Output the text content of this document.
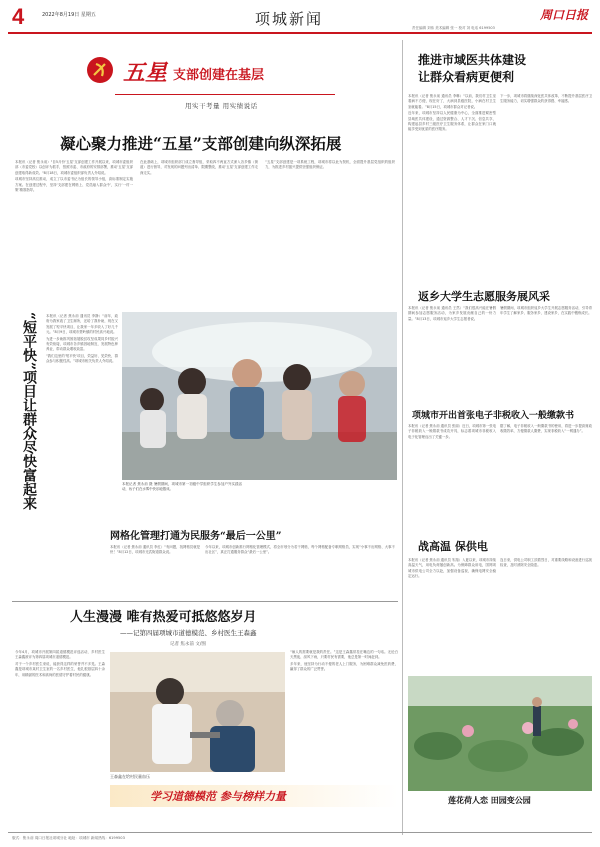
4	2022年8月19日 星期五	项城新闻	周口日报
责任编辑 刘伟 美术编辑 张一 校对 刘 电话 6199503
五星 支部创建在基层
用实干考量 用实绩说话
凝心聚力推进“五星”支部创建向纵深拓展

本报讯（记者 焦永前）"自5月份‘五星’支部创建工作开展以来，项城市委组织部（市委党校）以创评为抓手，按照市委、市政府的安排部署，推动‘五星’支部创建取得新成效。"8月18日，项城市委组织部负责人介绍说。

项城市坚持高位推动，成立了以市委书记为组长的领导小组，高标准制定实施方案。在创建过程中，坚持‘支部建在网格上、党员融入群众中’，实行‘一村一策’精准指导。

在此基础上，项城市组织部门成立督导组，采取四不两直方式深入各乡镇（街道）进行督导，对发现的问题列出清单、限期整改，推动‘五星’支部创建工作走深走实。

“五星”支部创建是一项系统工程，项城市将以此为契机，全面提升基层党组织的组织力，为推进乡村振兴提供坚强组织保证。

“短平快”项目让群众尽快富起来	本报讯（记者 焦永前 通讯员 李静）“前年，政府为我家改了卫生厕所，还给了我补助，现在又发展了短平快项目，让我家一年多收入了好几千元。”8月9日，项城市贾岭镇的村民高兴地说。

为进一步助推巩固拓展脱贫攻坚成果同乡村振兴有效衔接，项城市各乡镇因地制宜，发展特色种养业，带动群众增收致富。

“我们这里的‘短平快’项目，效益好、见效快，群众参与积极性高。”项城市相关负责人介绍说。

本报记者 焦永前 摄 暑假期间，项城市第一初级中学组织学生参加户外实践活动，孩子们在水雾中快乐地嬉戏。
网格化管理打通为民服务“最后一公里”

本报讯（记者 焦永前 通讯员 李红）“有问题，找网格员就是快！”8月12日，项城市光武街道群众说。

今年以来，项城市创新推行网格化管理模式，将全市划分为若干网格，每个网格配备专职网格员，实现“小事不出网格、大事不出社区”，真正打通服务群众“最后一公里”。

人生漫漫 唯有热爱可抵悠悠岁月
——记第四届项城市道德模范、乡村医生王森鑫
记者 焦永前 文/图

今年4月，项城市开展第四届道德模范评选活动，乡村医生王森鑫被评为第四届项城市道德模范。

对于一个乡村医生来说，能获得这样的荣誉并不多见。王森鑫是项城市某村卫生室的一名乡村医生，他扎根基层四十余年，用精湛的医术和高尚的医德守护着村民的健康。

王森鑫在给村民量血压

“病人的需要就是我的责任。”这是王森鑫常挂在嘴边的一句话。无论白天黑夜、刮风下雨，只要村民有需要，他总是第一时间赶到。

多年来，他坚持为行动不便的老人上门服务，为困难群众减免医药费，赢得了群众的广泛赞誉。

学习道德模范 参与榜样力量
推进市域医共体建设
让群众看病更便利

本报讯（记者 焦永前 通讯员 李琳）“以前，我们村卫生室看病不方便，现在好了，大病到县级医院，小病在村卫生室就能看。”8月15日，项城市群众对记者说。

近年来，项城市坚持以人民健康为中心，全面推进紧密型县域医共体建设，通过资源整合、人才下沉、信息共享，构建起县乡村三级医疗卫生服务体系，让群众在家门口就能享受到优质的医疗服务。

下一步，项城市将继续深化医共体改革，不断提升基层医疗卫生服务能力，切实增强群众的获得感、幸福感。

返乡大学生志愿服务展风采

本报讯（记者 焦永前 通讯员 王然）“我们很高兴能在暑假期间参加志愿服务活动，为家乡发展贡献自己的一份力量。”8月13日，项城市返乡大学生志愿者说。

暑假期间，项城市组织返乡大学生开展志愿服务活动，引导青年学生了解家乡、服务家乡、建设家乡，在实践中锻炼成长。

项城市开出首张电子非税收入一般缴款书

本报讯（记者 焦永前 通讯员 张丽）近日，项城市第一张电子非税收入一般缴款书成功开具，标志着项城市非税收入电子化管理迈出了关键一步。

据了解，电子非税收入一般缴款书的使用，将进一步提高财政收缴效率，方便缴款人缴费，实现非税收入“一网通办”。

战高温 保供电

本报讯（记者 焦永前 通讯员 朱翔）入夏以来，项城市持续高温天气，用电负荷屡创新高。为保障群众用电，国网项城市供电公司全力以赴，加强设备巡视，确保电网安全稳定运行。

连日来，供电公司职工顶着烈日，对重要线路和设备进行巡视检查，及时消除安全隐患。

莲花荷人恋 田园变公园
版式：焦永前 周口日报社项城分社 地址：项城市 新闻热线：6199503
